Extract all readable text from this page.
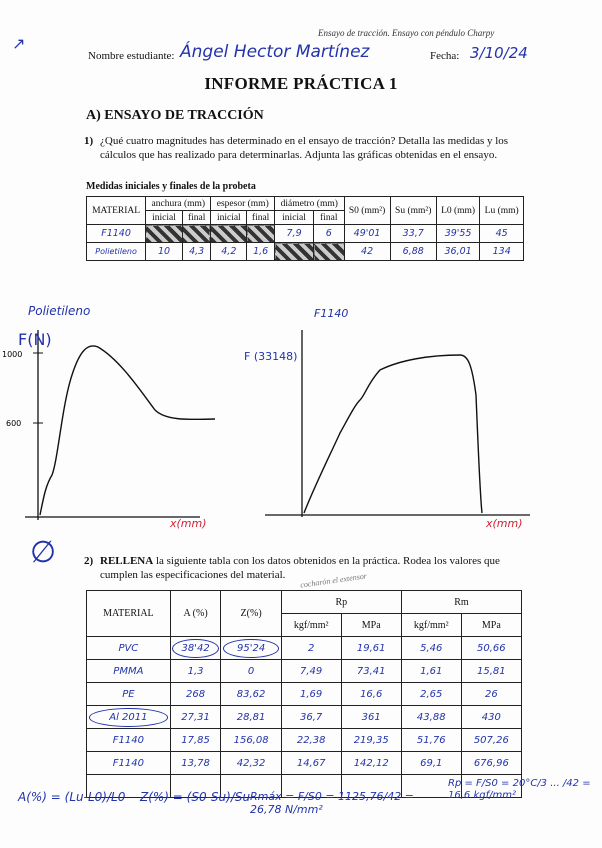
Ensayo de tracción. Ensayo con péndulo Charpy
↗
Nombre estudiante: Ángel Hector Martínez	Fecha: 3/10/24
INFORME PRÁCTICA 1
A) ENSAYO DE TRACCIÓN
1) ¿Qué cuatro magnitudes has determinado en el ensayo de tracción? Detalla las medidas y los cálculos que has realizado para determinarlas. Adjunta las gráficas obtenidas en el ensayo.
Medidas iniciales y finales de la probeta
MATERIAL	anchura (mm)		espesor (mm)		diámetro (mm)		S0 (mm²)	Su (mm²)	L0 (mm)	Lu (mm)
	inicial	final	inicial	final	inicial	final				
F1140					7,9	6	49'01	33,7	39'55	45
Polietileno	10	4,3	4,2	1,6			42	6,88	36,01	134
Polietileno
F(N)
1000
600
x(mm)
F1140
F (33148)
x(mm)
∅	2) RELLENA la siguiente tabla con los datos obtenidos en la práctica. Rodea los valores que cumplen las especificaciones del material.	cocharón el extensor
MATERIAL	A (%)	Z(%)	Rp		Rm	
			kgf/mm²	MPa	kgf/mm²	MPa
PVC	38'42	95'24	2	19,61	5,46	50,66
PMMA	1,3	0	7,49	73,41	1,61	15,81
PE	268	83,62	1,69	16,6	2,65	26
Al 2011	27,31	28,81	36,7	361	43,88	430
F1140	17,85	156,08	22,38	219,35	51,76	507,26
F1140	13,78	42,32	14,67	142,12	69,1	676,96

A(%) = (Lu-L0)/L0 Z(%) = (S0-Su)/Su Rmáx = F/S0 = 1125,76/42 = 26,78 N/mm²
Rp = F/S0 = 20°C/3 ... /42 = 16,6 kgf/mm²
